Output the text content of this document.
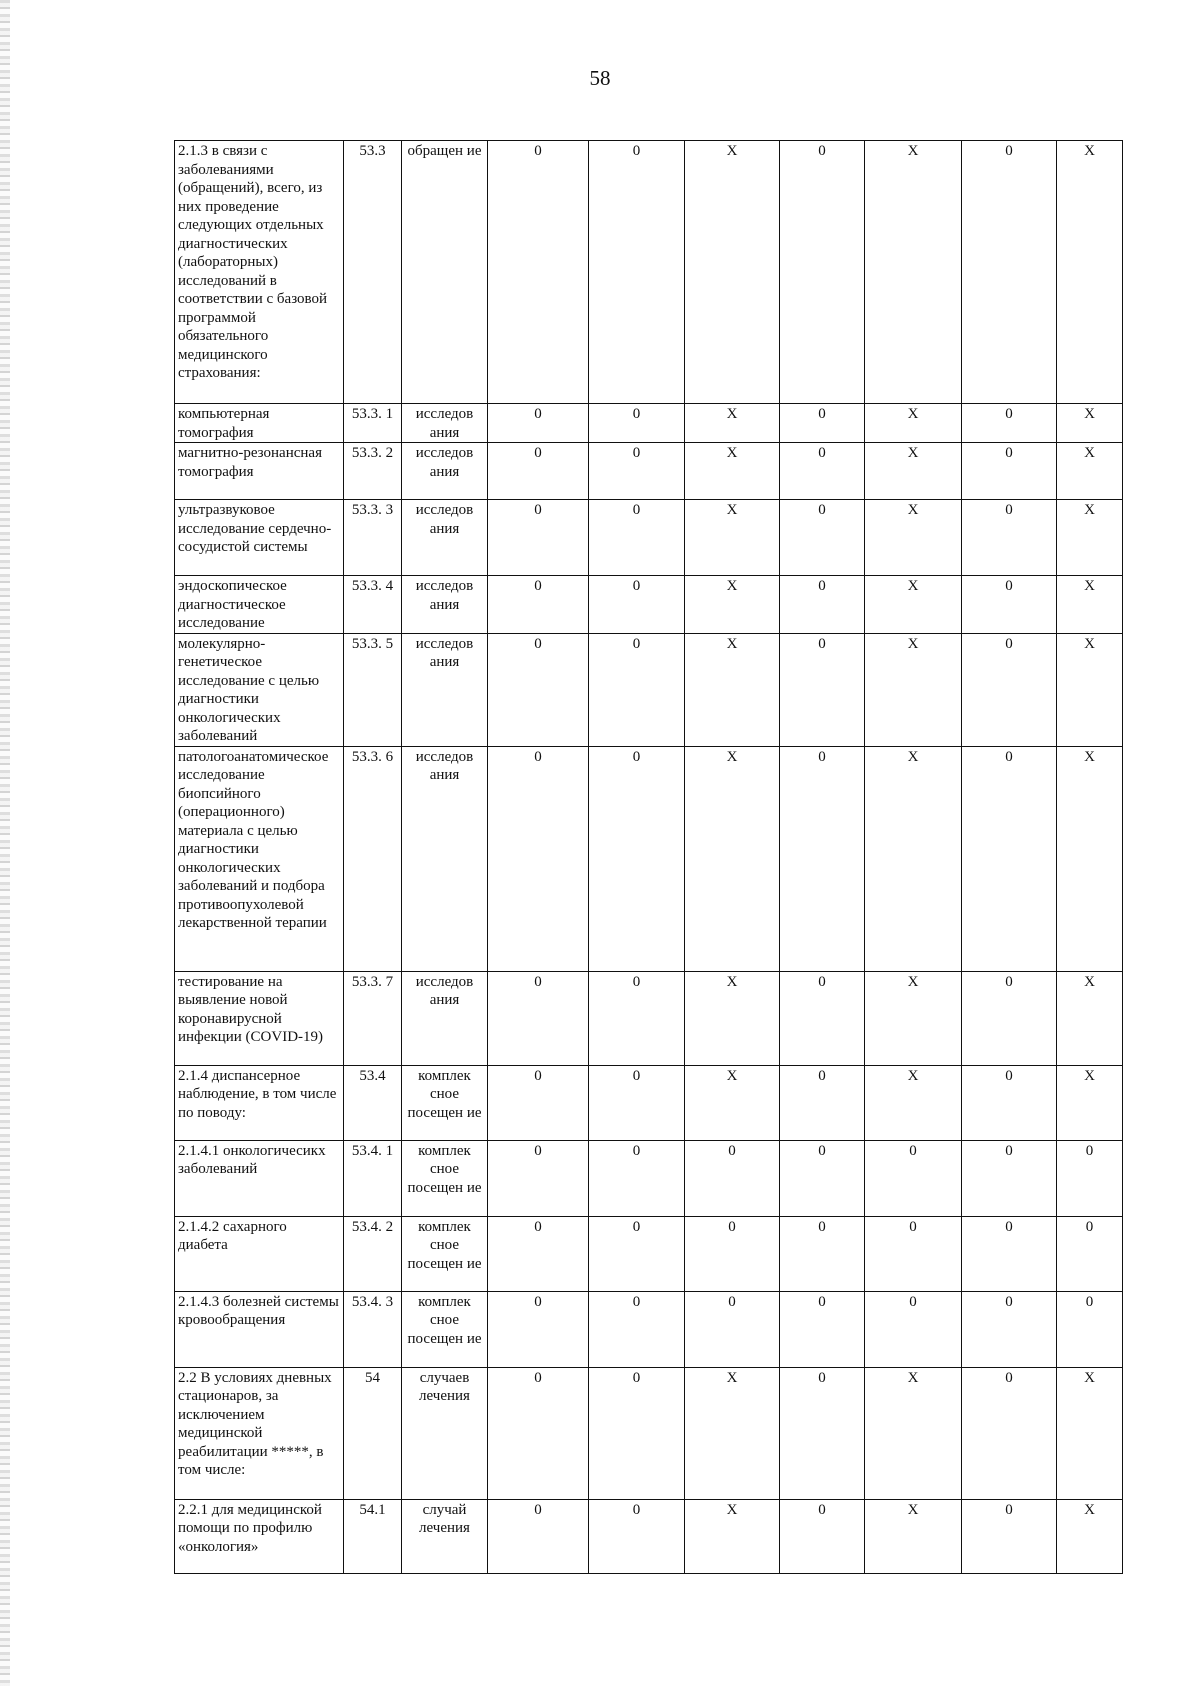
58
2.1.3 в связи с заболеваниями (обращений), всего, из них проведение следующих отдельных диагностических (лабораторных) исследований в соответствии с базовой программой обязательного медицинского страхования:	53.3	обращен ие	0	0	X	0	X	0	X
компьютерная томография	53.3. 1	исследов ания	0	0	X	0	X	0	X
магнитно-резонансная томография	53.3. 2	исследов ания	0	0	X	0	X	0	X
ультразвуковое исследование сердечно-сосудистой системы	53.3. 3	исследов ания	0	0	X	0	X	0	X
эндоскопическое диагностическое исследование	53.3. 4	исследов ания	0	0	X	0	X	0	X
молекулярно-генетическое исследование с целью диагностики онкологических заболеваний	53.3. 5	исследов ания	0	0	X	0	X	0	X
патологоанатомическое исследование биопсийного (операционного) материала с целью диагностики онкологических заболеваний и подбора противоопухолевой лекарственной терапии	53.3. 6	исследов ания	0	0	X	0	X	0	X
тестирование на выявление новой коронавирусной инфекции (COVID-19)	53.3. 7	исследов ания	0	0	X	0	X	0	X
2.1.4 диспансерное наблюдение, в том числе по поводу:	53.4	комплек сное посещен ие	0	0	X	0	X	0	X
2.1.4.1 онкологичесикх заболеваний	53.4. 1	комплек сное посещен ие	0	0	0	0	0	0	0
2.1.4.2 сахарного диабета	53.4. 2	комплек сное посещен ие	0	0	0	0	0	0	0
2.1.4.3 болезней системы кровообращения	53.4. 3	комплек сное посещен ие	0	0	0	0	0	0	0
2.2 В условиях дневных стационаров, за исключением медицинской реабилитации *****, в том числе:	54	случаев лечения	0	0	X	0	X	0	X
2.2.1 для медицинской помощи по профилю «онкология»	54.1	случай лечения	0	0	X	0	X	0	X
